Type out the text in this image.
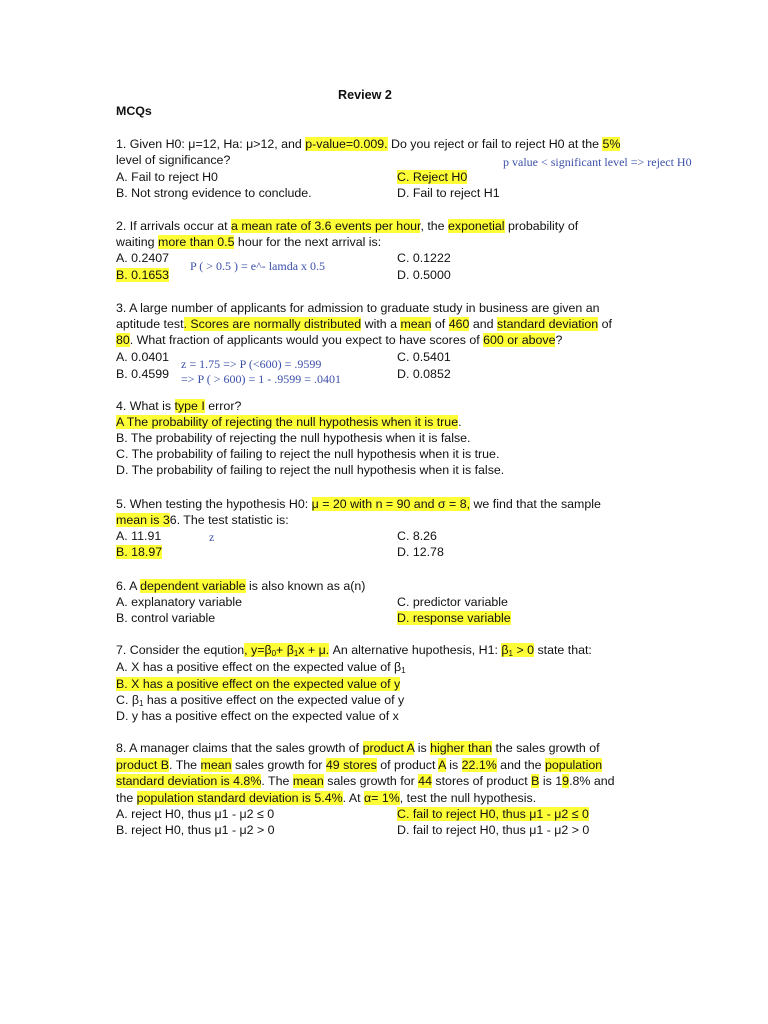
Review 2
MCQs
1. Given H0: μ=12, Ha: μ>12, and p-value=0.009. Do you reject or fail to reject H0 at the 5%
level of significance?	p value < significant level => reject H0
A. Fail to reject H0	C. Reject H0
B. Not strong evidence to conclude.	D. Fail to reject H1
2. If arrivals occur at a mean rate of 3.6 events per hour, the exponetial probability of
waiting more than 0.5 hour for the next arrival is:
P ( > 0.5 ) = e^- lamda x 0.5
A. 0.2407	C. 0.1222
B. 0.1653	D. 0.5000
3. A large number of applicants for admission to graduate study in business are given an
aptitude test. Scores are normally distributed with a mean of 460 and standard deviation of
80. What fraction of applicants would you expect to have scores of 600 or above?
A. 0.0401 z = 1.75 => P (<600) = .9599	C. 0.5401
B. 0.4599 => P ( > 600) = 1 - .9599 = .0401	D. 0.0852
4. What is type I error?
A The probability of rejecting the null hypothesis when it is true.
B. The probability of rejecting the null hypothesis when it is false.
C. The probability of failing to reject the null hypothesis when it is true.
D. The probability of failing to reject the null hypothesis when it is false.
5. When testing the hypothesis H0: μ = 20 with n = 90 and σ = 8, we find that the sample
mean is 36. The test statistic is:
A. 11.91	z	C. 8.26
B. 18.97	D. 12.78
6. A dependent variable is also known as a(n)
A. explanatory variable	C. predictor variable
B. control variable	D. response variable
7. Consider the eqution, $y=\beta_0+ \beta_1x + \mu$. An alternative hupothesis, H1: $\beta_1 > 0$ state that:
A. X has a positive effect on the expected value of $\beta_1$
B. X has a positive effect on the expected value of y
C. $\beta_1$ has a positive effect on the expected value of y
D. y has a positive effect on the expected value of x
8. A manager claims that the sales growth of product A is higher than the sales growth of
product B. The mean sales growth for 49 stores of product A is 22.1% and the population
standard deviation is 4.8%. The mean sales growth for 44 stores of product B is 19.8% and
the population standard deviation is 5.4%. At α= 1%, test the null hypothesis.
A. reject H0, thus μ1 - μ2 ≤ 0	C. fail to reject H0, thus μ1 - μ2 ≤ 0
B. reject H0, thus μ1 - μ2 > 0	D. fail to reject H0, thus μ1 - μ2 > 0
